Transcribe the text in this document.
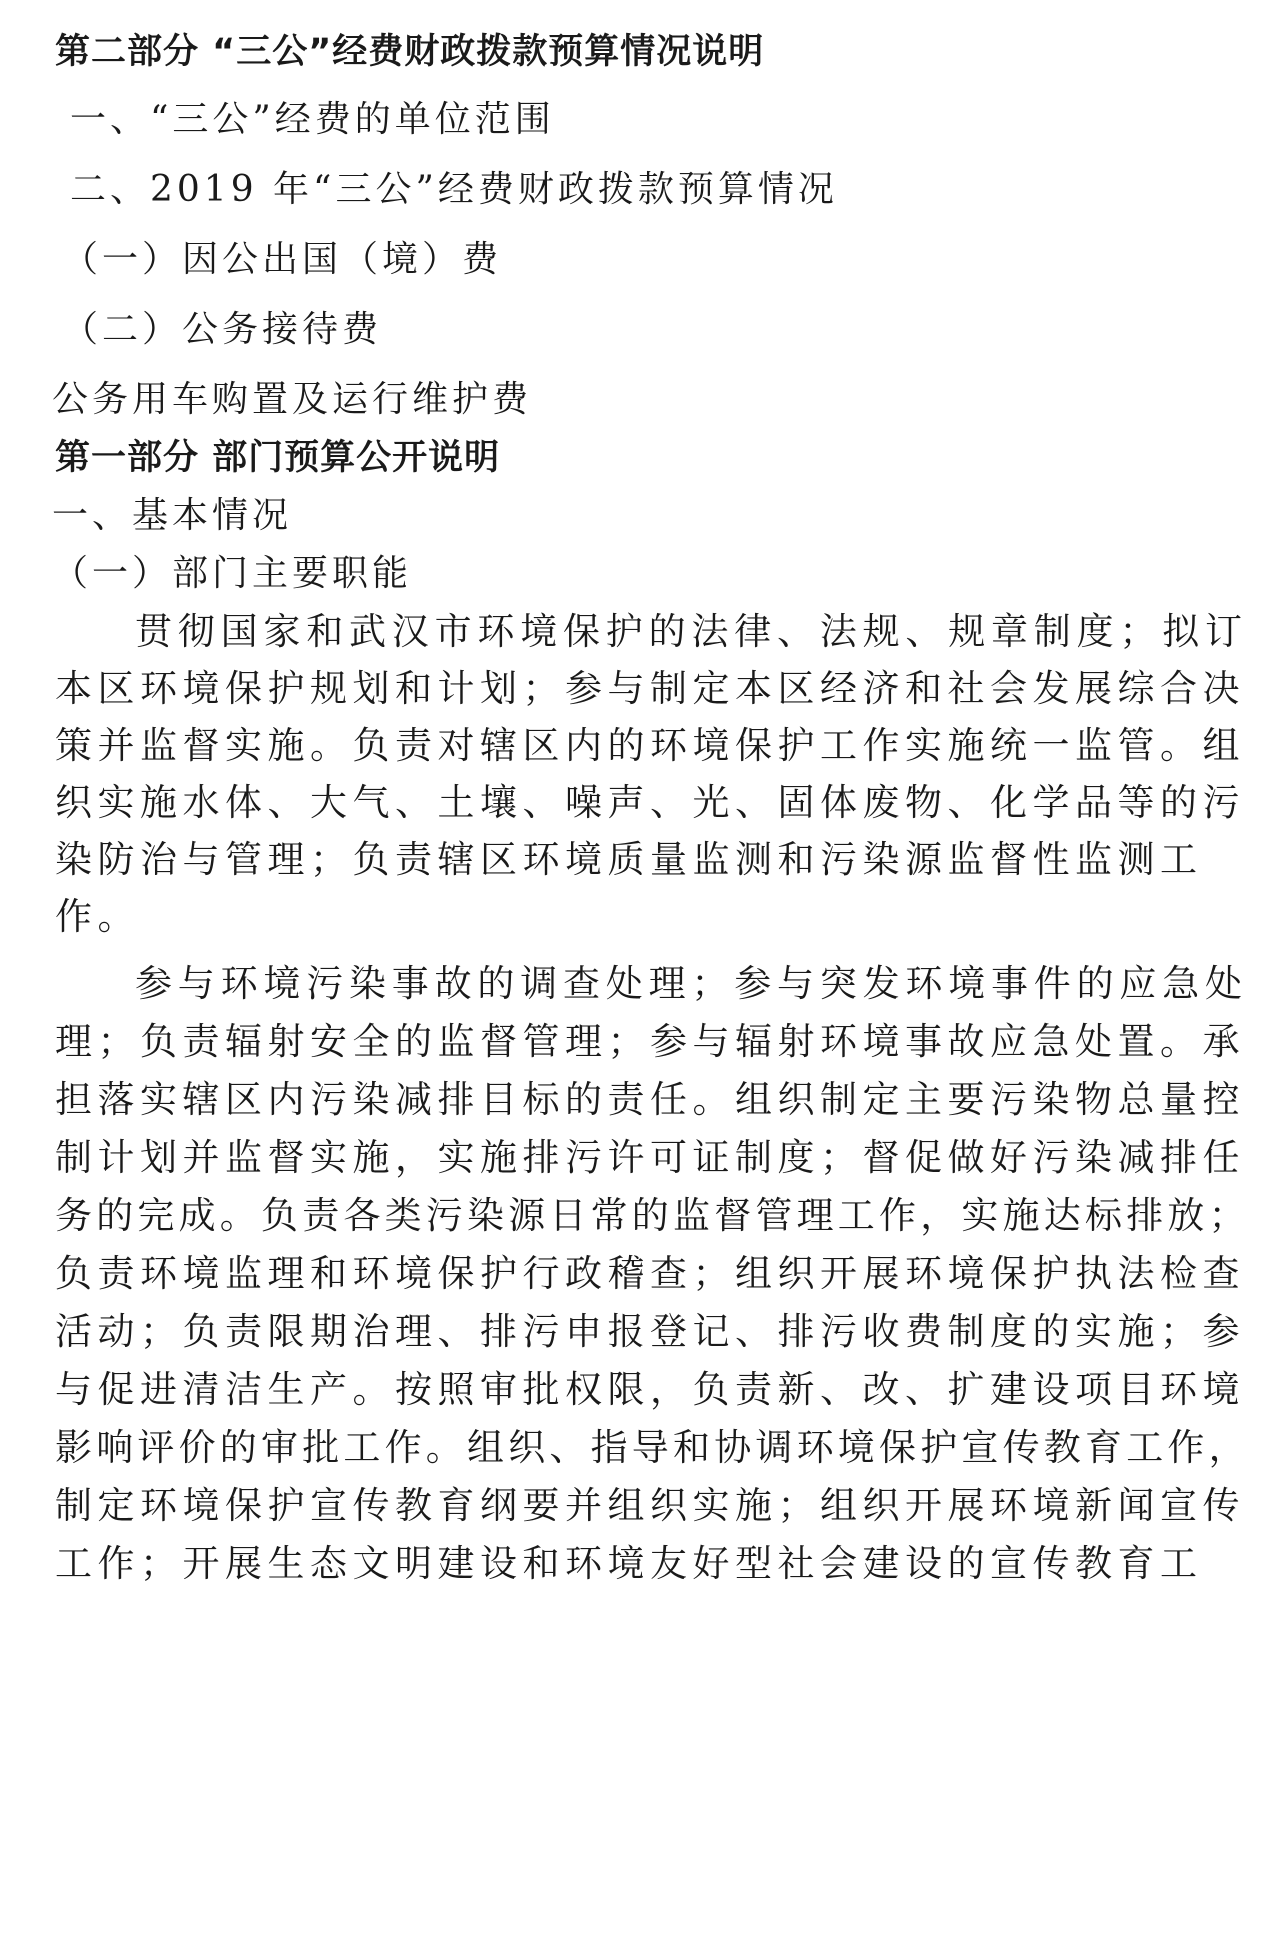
第二部分 “三公”经费财政拨款预算情况说明
一、“三公”经费的单位范围
二、2019 年“三公”经费财政拨款预算情况
（一）因公出国（境）费
（二）公务接待费
公务用车购置及运行维护费
第一部分 部门预算公开说明
一、基本情况
（一）部门主要职能
贯彻国家和武汉市环境保护的法律、法规、规章制度；拟订
本区环境保护规划和计划；参与制定本区经济和社会发展综合决
策并监督实施。负责对辖区内的环境保护工作实施统一监管。组
织实施水体、大气、土壤、噪声、光、固体废物、化学品等的污
染防治与管理；负责辖区环境质量监测和污染源监督性监测工
作。
参与环境污染事故的调查处理；参与突发环境事件的应急处
理；负责辐射安全的监督管理；参与辐射环境事故应急处置。承
担落实辖区内污染减排目标的责任。组织制定主要污染物总量控
制计划并监督实施，实施排污许可证制度；督促做好污染减排任
务的完成。负责各类污染源日常的监督管理工作，实施达标排放；
负责环境监理和环境保护行政稽查；组织开展环境保护执法检查
活动；负责限期治理、排污申报登记、排污收费制度的实施；参
与促进清洁生产。按照审批权限，负责新、改、扩建设项目环境
影响评价的审批工作。组织、指导和协调环境保护宣传教育工作，
制定环境保护宣传教育纲要并组织实施；组织开展环境新闻宣传
工作；开展生态文明建设和环境友好型社会建设的宣传教育工
